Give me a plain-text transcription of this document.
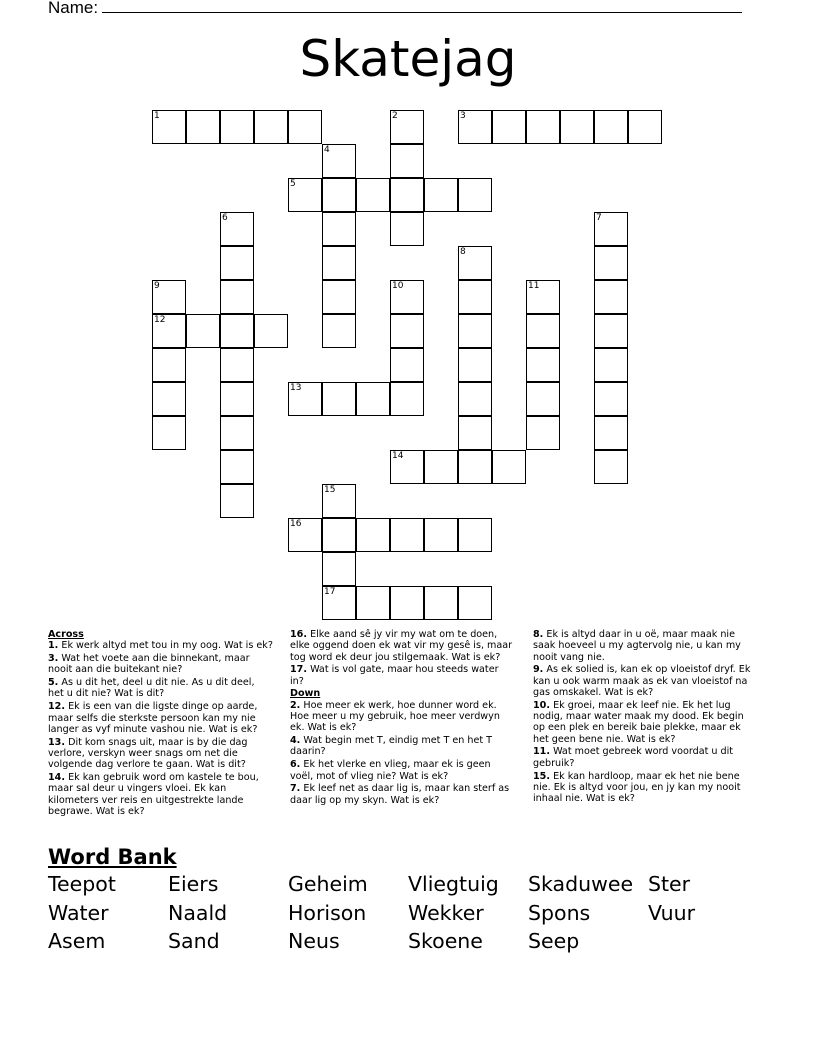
Name:
Skatejag
1	2	3
4
5
6	7
8
9	10	11
12
13
14
15
16
17
Across
1. Ek werk altyd met tou in my oog. Wat is ek?
3. Wat het voete aan die binnekant, maar nooit aan die buitekant nie?
5. As u dit het, deel u dit nie. As u dit deel, het u dit nie? Wat is dit?
12. Ek is een van die ligste dinge op aarde, maar selfs die sterkste persoon kan my nie langer as vyf minute vashou nie. Wat is ek?
13. Dit kom snags uit, maar is by die dag verlore, verskyn weer snags om net die volgende dag verlore te gaan. Wat is dit?
14. Ek kan gebruik word om kastele te bou, maar sal deur u vingers vloei. Ek kan kilometers ver reis en uitgestrekte lande begrawe. Wat is ek?
16. Elke aand sê jy vir my wat om te doen, elke oggend doen ek wat vir my gesê is, maar tog word ek deur jou stilgemaak. Wat is ek?
17. Wat is vol gate, maar hou steeds water in?
Down
2. Hoe meer ek werk, hoe dunner word ek. Hoe meer u my gebruik, hoe meer verdwyn ek. Wat is ek?
4. Wat begin met T, eindig met T en het T daarin?
6. Ek het vlerke en vlieg, maar ek is geen voël, mot of vlieg nie? Wat is ek?
7. Ek leef net as daar lig is, maar kan sterf as daar lig op my skyn. Wat is ek?
8. Ek is altyd daar in u oë, maar maak nie saak hoeveel u my agtervolg nie, u kan my nooit vang nie.
9. As ek solied is, kan ek op vloeistof dryf. Ek kan u ook warm maak as ek van vloeistof na gas omskakel. Wat is ek?
10. Ek groei, maar ek leef nie. Ek het lug nodig, maar water maak my dood. Ek begin op een plek en bereik baie plekke, maar ek het geen bene nie. Wat is ek?
11. Wat moet gebreek word voordat u dit gebruik?
15. Ek kan hardloop, maar ek het nie bene nie. Ek is altyd voor jou, en jy kan my nooit inhaal nie. Wat is ek?
Word Bank
Teepot	Eiers	Geheim Vliegtuig Skaduwee Ster
Water	Naald	Horison Wekker Spons	Vuur
Asem	Sand	Neus	Skoene Seep
